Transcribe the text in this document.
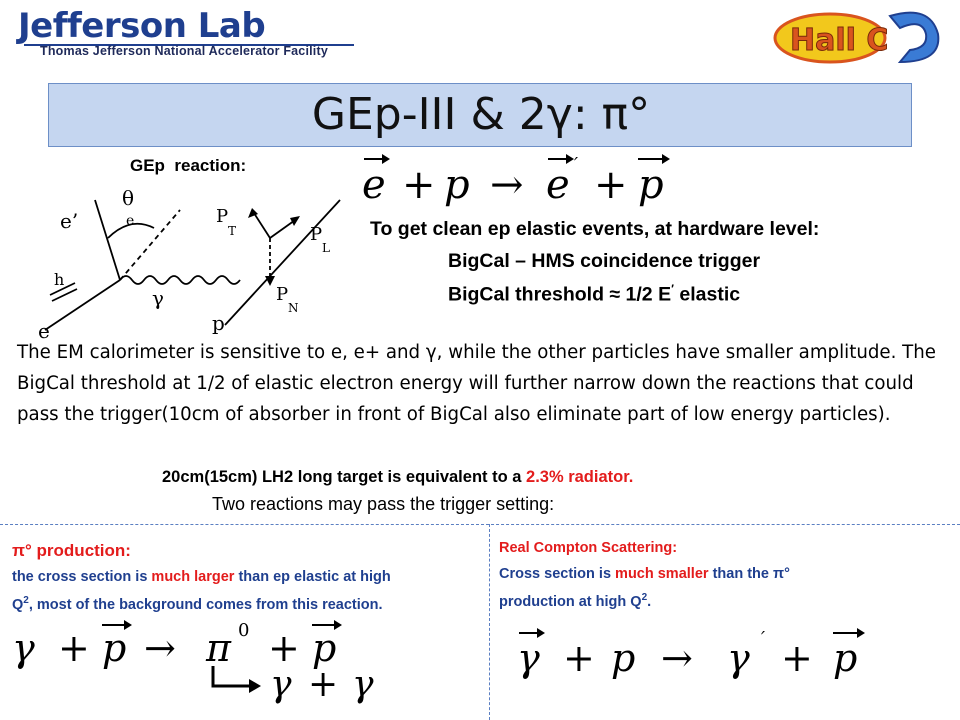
Jefferson Lab
Thomas Jefferson National Accelerator Facility	Hall C
GEp-III & 2γ: π°
GEp  reaction:	e + p → e ′ + p
e’
θ
e	P
T	P
L
h
γ	P
N
p
e
To get clean ep elastic events, at hardware level:
BigCal – HMS coincidence trigger
BigCal threshold ≈ 1/2 E′ elastic
The EM calorimeter is sensitive to e, e+ and γ, while the other particles have smaller amplitude. The BigCal threshold at 1/2 of elastic electron energy will further narrow down the reactions that could pass the trigger(10cm of absorber in front of BigCal also eliminate part of low energy particles).
20cm(15cm) LH2 long target is equivalent to a 2.3% radiator.
Two reactions may pass the trigger setting:
π° production:
the cross section is much larger than ep elastic at high
$Q^2$, most of the background comes from this reaction.
γ + p → π 0 + p
γ + γ
Real Compton Scattering:
Cross section is much smaller than the π°
production at high $Q^2$.
γ + p → γ ′ + p
